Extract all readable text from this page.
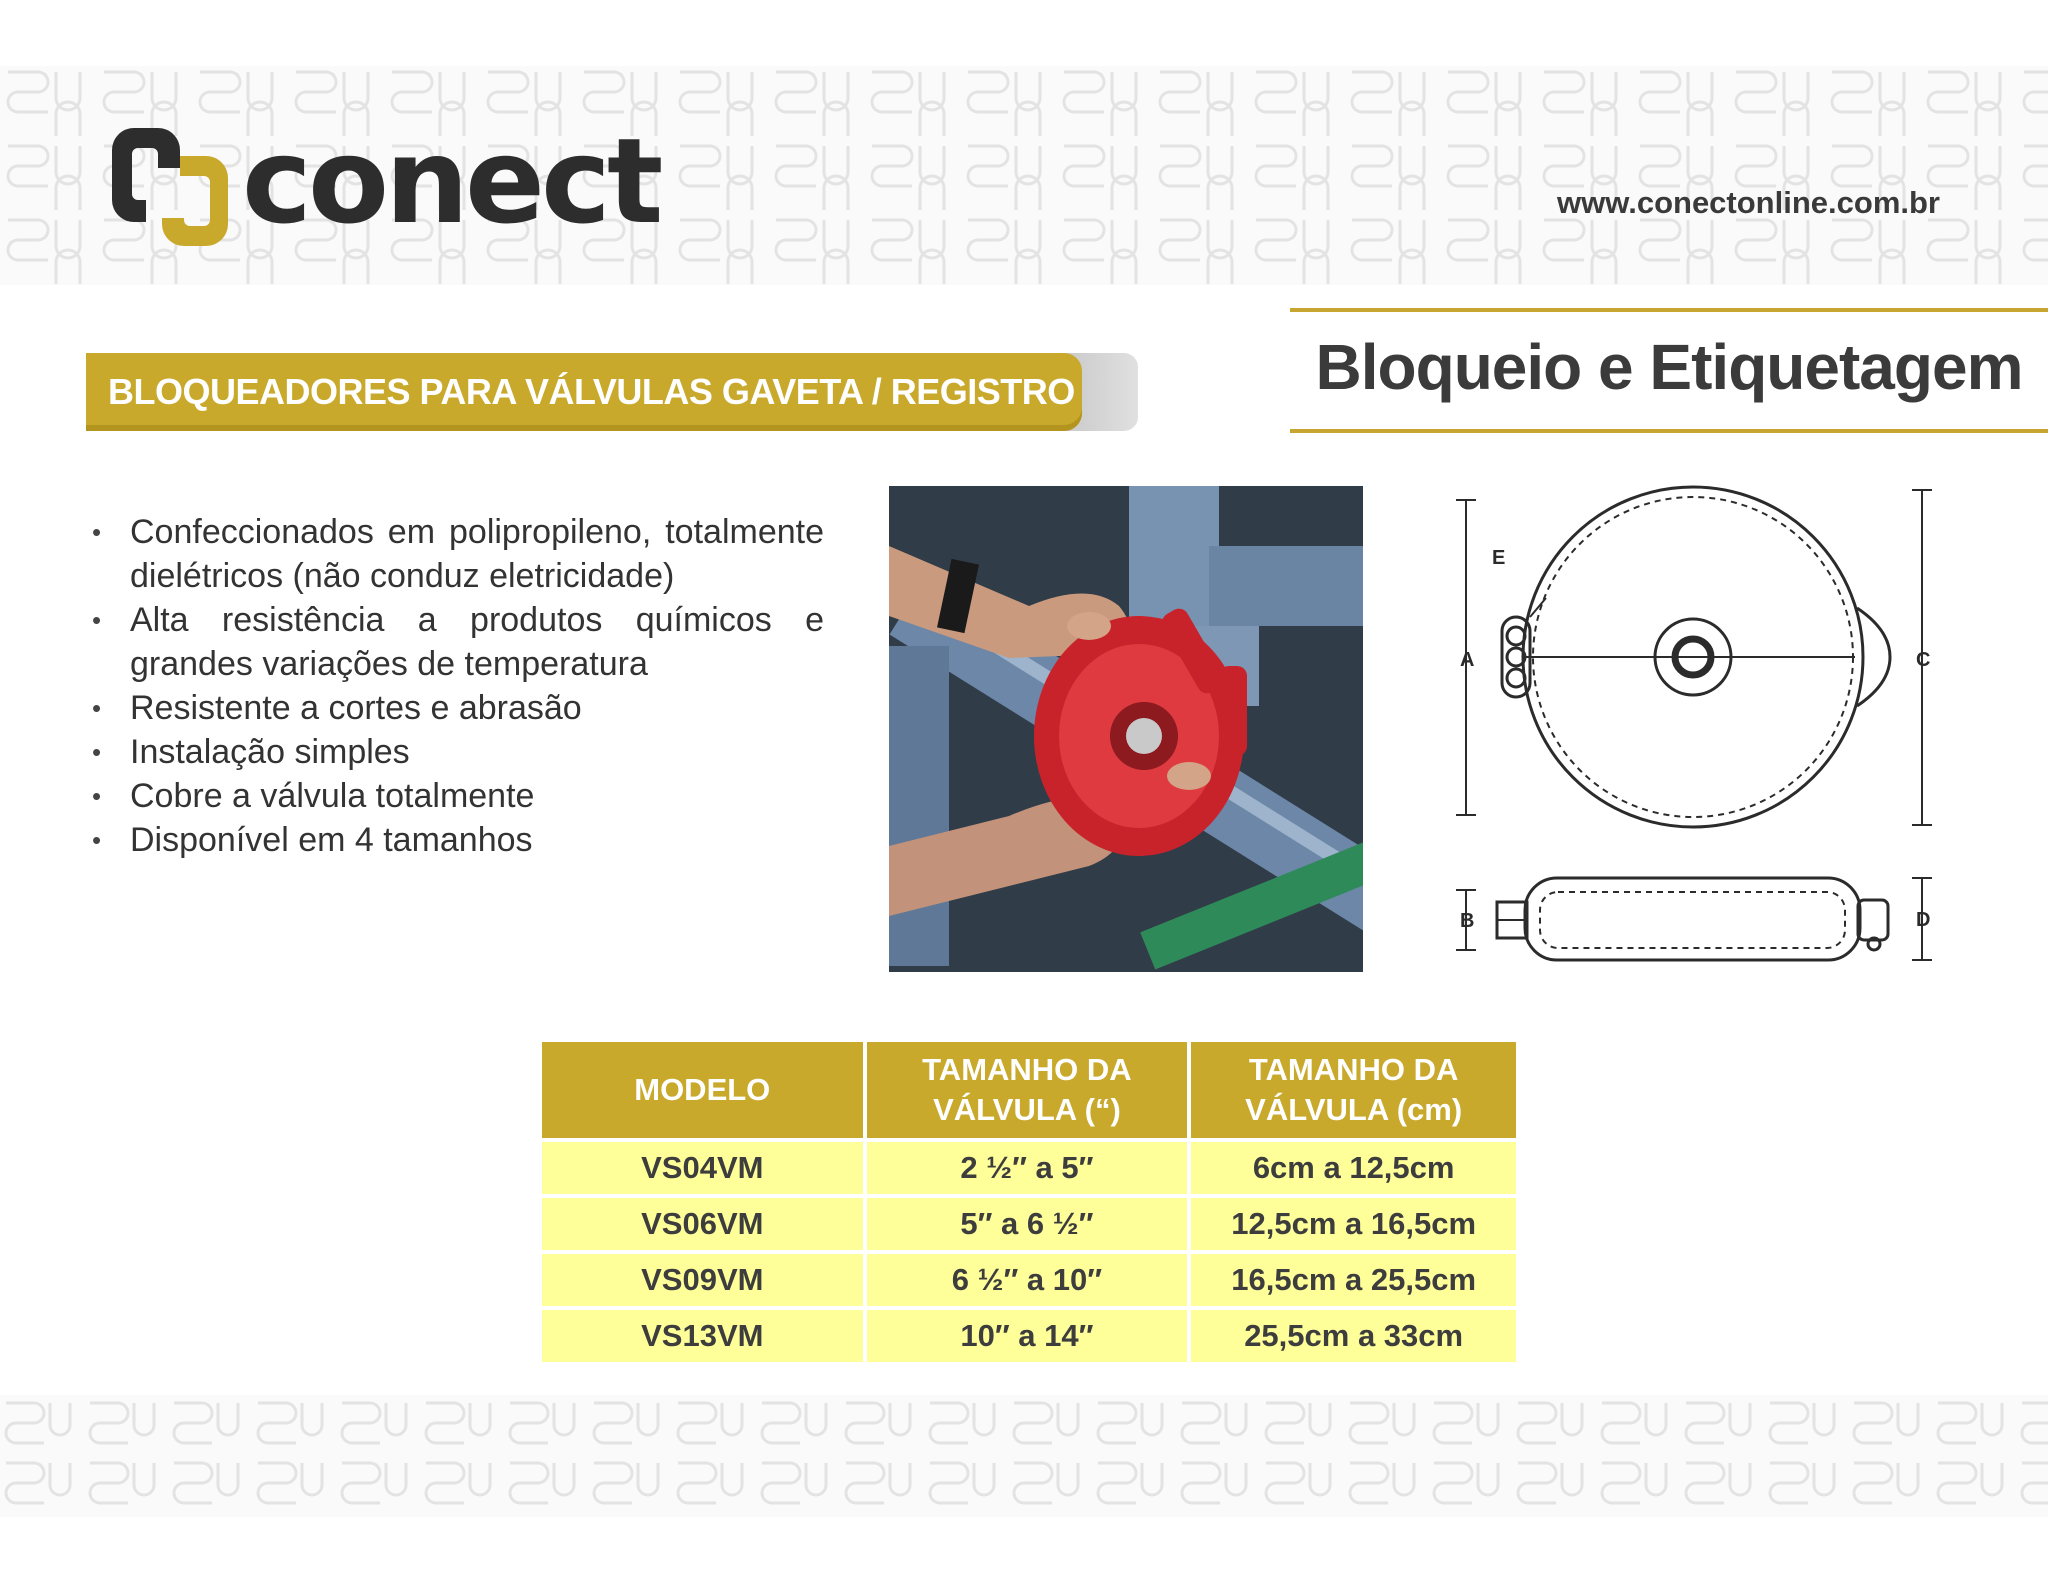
conect	www.conectonline.com.br
BLOQUEADORES PARA VÁLVULAS GAVETA / REGISTRO	Bloqueio e Etiquetagem
• Confeccionados em polipropileno, totalmente dielétricos (não conduz eletricidade)
• Alta resistência a produtos químicos e grandes variações de temperatura
• Resistente a cortes e abrasão
• Instalação simples
• Cobre a válvula totalmente
• Disponível em 4 tamanhos
A	C
E
B	D
MODELO	TAMANHO DA VÁLVULA (“)	TAMANHO DA VÁLVULA (cm)
VS04VM	2 ½″ a 5″	6cm a 12,5cm
VS06VM	5″ a 6 ½″	12,5cm a 16,5cm
VS09VM	6 ½″ a 10″	16,5cm a 25,5cm
VS13VM	10″ a 14″	25,5cm a 33cm
